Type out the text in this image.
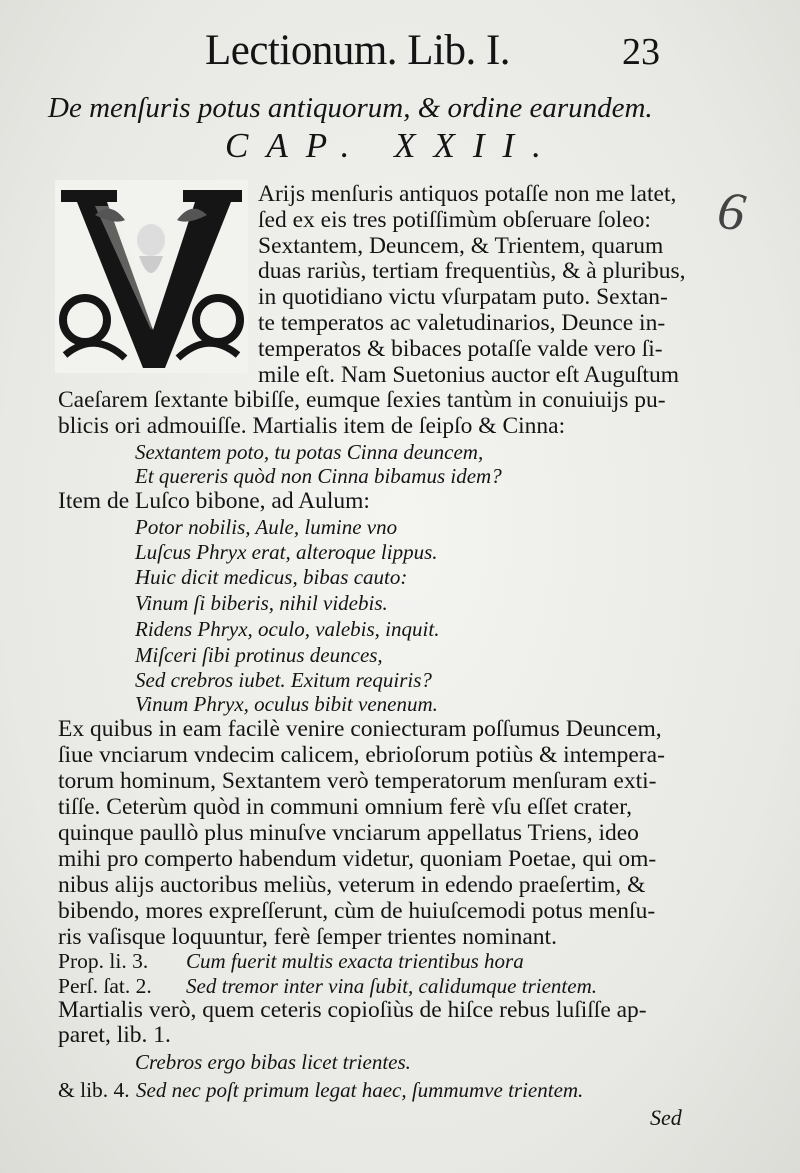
Lectionum. Lib. I.	23
De menſuris potus antiquorum, & ordine earundem.
CAP. XXII.
6
Arijs menſuris antiquos potaſſe non me latet,
ſed ex eis tres potiſſimùm obſeruare ſoleo:
Sextantem, Deuncem, & Trientem, quarum
duas rariùs, tertiam frequentiùs, & à pluribus,
in quotidiano victu vſurpatam puto. Sextan-
te temperatos ac valetudinarios, Deunce in-
temperatos & bibaces potaſſe valde vero ſi-
mile eſt. Nam Suetonius auctor eſt Auguſtum
Caeſarem ſextante bibiſſe, eumque ſexies tantùm in conuiuijs pu-
blicis ori admouiſſe. Martialis item de ſeipſo & Cinna:
Sextantem poto, tu potas Cinna deuncem,
Et quereris quòd non Cinna bibamus idem?
Item de Luſco bibone, ad Aulum:
Potor nobilis, Aule, lumine vno
Luſcus Phryx erat, alteroque lippus.
Huic dicit medicus, bibas cauto:
Vinum ſi biberis, nihil videbis.
Ridens Phryx, oculo, valebis, inquit.
Miſceri ſibi protinus deunces,
Sed crebros iubet. Exitum requiris?
Vinum Phryx, oculus bibit venenum.
Ex quibus in eam facilè venire coniecturam poſſumus Deuncem,
ſiue vnciarum vndecim calicem, ebrioſorum potiùs & intempera-
torum hominum, Sextantem verò temperatorum menſuram exti-
tiſſe. Ceterùm quòd in communi omnium ferè vſu eſſet crater,
quinque paullò plus minuſve vnciarum appellatus Triens, ideo
mihi pro comperto habendum videtur, quoniam Poetae, qui om-
nibus alijs auctoribus meliùs, veterum in edendo praeſertim, &
bibendo, mores expreſſerunt, cùm de huiuſcemodi potus menſu-
ris vaſisque loquuntur, ferè ſemper trientes nominant.
Prop. li. 3. Cum fuerit multis exacta trientibus hora
Perſ. ſat. 2. Sed tremor inter vina ſubit, calidumque trientem.
Martialis verò, quem ceteris copioſiùs de hiſce rebus luſiſſe ap-
paret, lib. 1.
Crebros ergo bibas licet trientes.
& lib. 4. Sed nec poſt primum legat haec, ſummumve trientem.
Sed
